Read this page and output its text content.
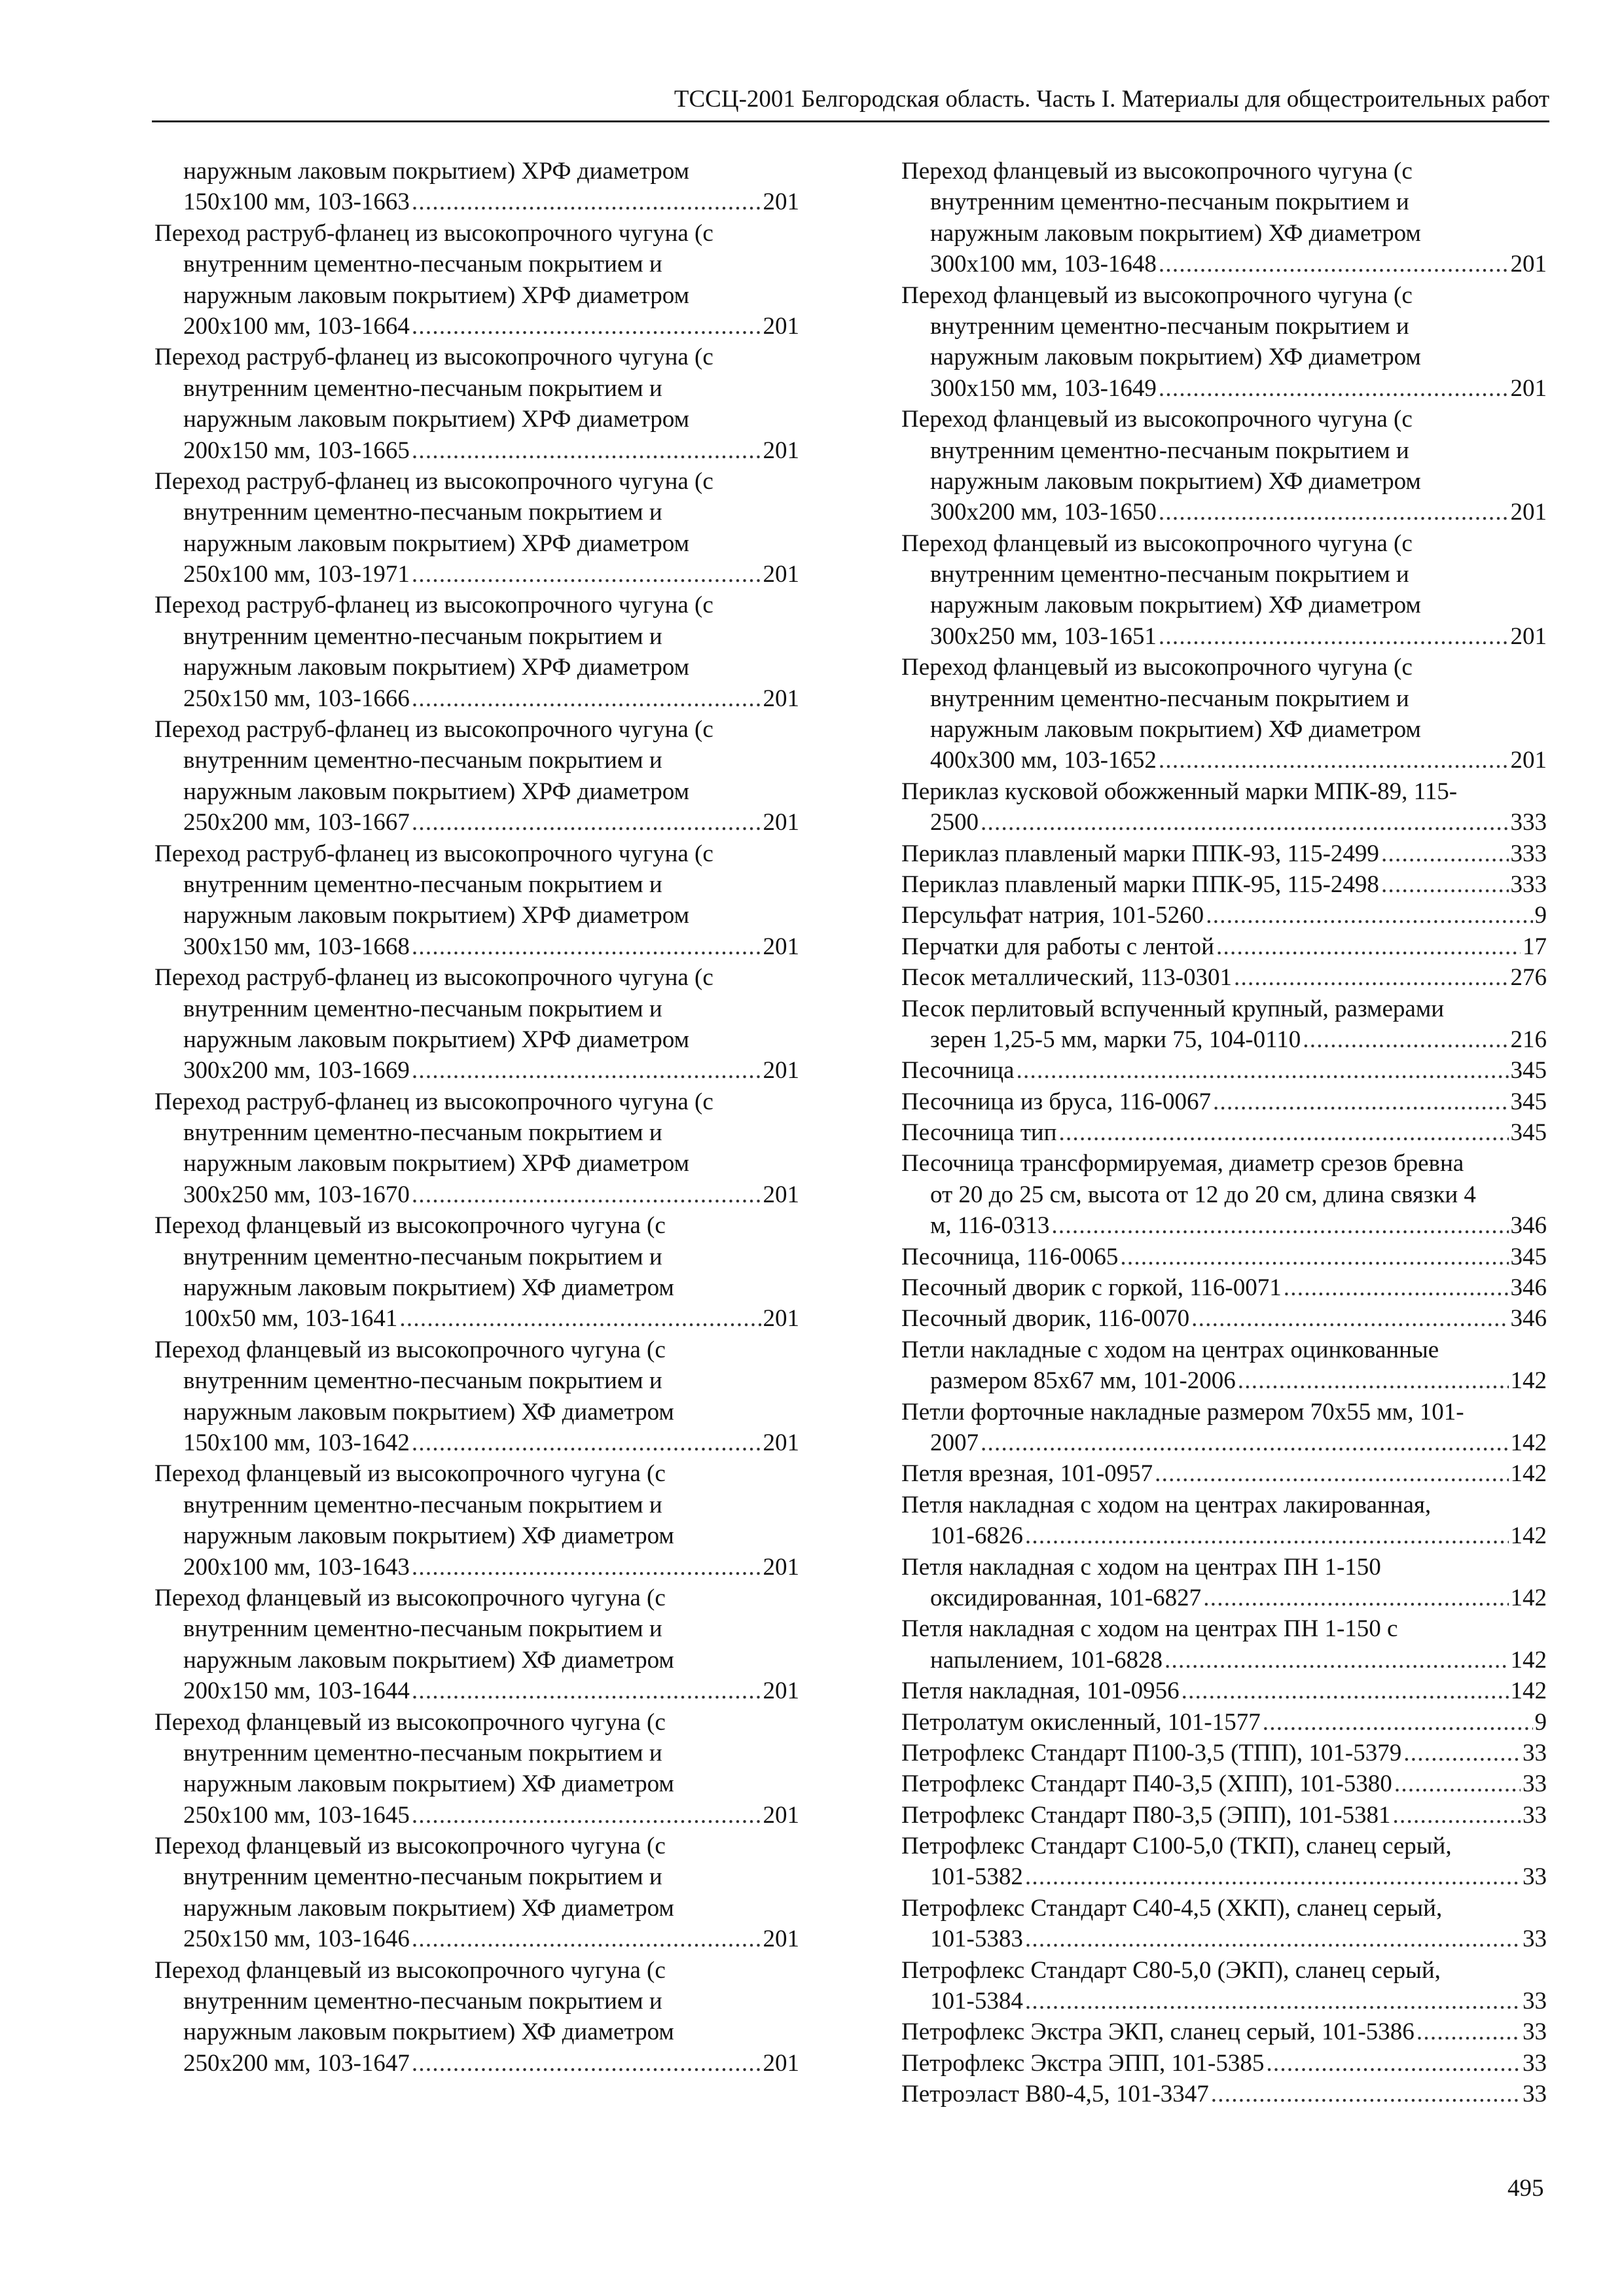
ТССЦ-2001 Белгородская область. Часть I. Материалы для общестроительных работ
наружным лаковым покрытием) ХРФ диаметром
150x100 мм, 103-1663 . . .	201
Переход раструб-фланец из высокопрочного чугуна (с
внутренним цементно-песчаным покрытием и
наружным лаковым покрытием) ХРФ диаметром
200x100 мм, 103-1664 . . .	201
Переход раструб-фланец из высокопрочного чугуна (с
внутренним цементно-песчаным покрытием и
наружным лаковым покрытием) ХРФ диаметром
200x150 мм, 103-1665 . . .	201
Переход раструб-фланец из высокопрочного чугуна (с
внутренним цементно-песчаным покрытием и
наружным лаковым покрытием) ХРФ диаметром
250x100 мм, 103-1971 . . .	201
Переход раструб-фланец из высокопрочного чугуна (с
внутренним цементно-песчаным покрытием и
наружным лаковым покрытием) ХРФ диаметром
250x150 мм, 103-1666 . . .	201
Переход раструб-фланец из высокопрочного чугуна (с
внутренним цементно-песчаным покрытием и
наружным лаковым покрытием) ХРФ диаметром
250x200 мм, 103-1667 . . .	201
Переход раструб-фланец из высокопрочного чугуна (с
внутренним цементно-песчаным покрытием и
наружным лаковым покрытием) ХРФ диаметром
300x150 мм, 103-1668 . . .	201
Переход раструб-фланец из высокопрочного чугуна (с
внутренним цементно-песчаным покрытием и
наружным лаковым покрытием) ХРФ диаметром
300x200 мм, 103-1669 . . .	201
Переход раструб-фланец из высокопрочного чугуна (с
внутренним цементно-песчаным покрытием и
наружным лаковым покрытием) ХРФ диаметром
300x250 мм, 103-1670 . . .	201
Переход фланцевый из высокопрочного чугуна (с
внутренним цементно-песчаным покрытием и
наружным лаковым покрытием) ХФ диаметром
100x50 мм, 103-1641 . . .	201
Переход фланцевый из высокопрочного чугуна (с
внутренним цементно-песчаным покрытием и
наружным лаковым покрытием) ХФ диаметром
150x100 мм, 103-1642 . . .	201
Переход фланцевый из высокопрочного чугуна (с
внутренним цементно-песчаным покрытием и
наружным лаковым покрытием) ХФ диаметром
200x100 мм, 103-1643 . . .	201
Переход фланцевый из высокопрочного чугуна (с
внутренним цементно-песчаным покрытием и
наружным лаковым покрытием) ХФ диаметром
200x150 мм, 103-1644 . . .	201
Переход фланцевый из высокопрочного чугуна (с
внутренним цементно-песчаным покрытием и
наружным лаковым покрытием) ХФ диаметром
250x100 мм, 103-1645 . . .	201
Переход фланцевый из высокопрочного чугуна (с
внутренним цементно-песчаным покрытием и
наружным лаковым покрытием) ХФ диаметром
250x150 мм, 103-1646 . . .	201
Переход фланцевый из высокопрочного чугуна (с
внутренним цементно-песчаным покрытием и
наружным лаковым покрытием) ХФ диаметром
250x200 мм, 103-1647 . . .	201
Переход фланцевый из высокопрочного чугуна (с
внутренним цементно-песчаным покрытием и
наружным лаковым покрытием) ХФ диаметром
300x100 мм, 103-1648 . . .	201
Переход фланцевый из высокопрочного чугуна (с
внутренним цементно-песчаным покрытием и
наружным лаковым покрытием) ХФ диаметром
300x150 мм, 103-1649 . . .	201
Переход фланцевый из высокопрочного чугуна (с
внутренним цементно-песчаным покрытием и
наружным лаковым покрытием) ХФ диаметром
300x200 мм, 103-1650 . . .	201
Переход фланцевый из высокопрочного чугуна (с
внутренним цементно-песчаным покрытием и
наружным лаковым покрытием) ХФ диаметром
300x250 мм, 103-1651 . . .	201
Переход фланцевый из высокопрочного чугуна (с
внутренним цементно-песчаным покрытием и
наружным лаковым покрытием) ХФ диаметром
400x300 мм, 103-1652 . . .	201
Периклаз кусковой обожженный марки МПК-89, 115-
2500 . . .	333
Периклаз плавленый марки ППК-93, 115-2499 . . .	333
Периклаз плавленый марки ППК-95, 115-2498 . . .	333
Персульфат натрия, 101-5260 . . .	9
Перчатки для работы с лентой . . .	17
Песок металлический, 113-0301 . . .	276
Песок перлитовый вспученный крупный, размерами
зерен 1,25-5 мм, марки 75, 104-0110 . . .	216
Песочница . . .	345
Песочница из бруса, 116-0067 . . .	345
Песочница тип . . .	345
Песочница трансформируемая, диаметр срезов бревна
от 20 до 25 см, высота от 12 до 20 см, длина связки 4
м, 116-0313 . . .	346
Песочница, 116-0065 . . .	345
Песочный дворик с горкой, 116-0071 . . .	346
Песочный дворик, 116-0070 . . .	346
Петли накладные с ходом на центрах оцинкованные
размером 85x67 мм, 101-2006 . . .	142
Петли форточные накладные размером 70x55 мм, 101-
2007 . . .	142
Петля врезная, 101-0957 . . .	142
Петля накладная с ходом на центрах лакированная,
101-6826 . . .	142
Петля накладная с ходом на центрах ПН 1-150
оксидированная, 101-6827 . . .	142
Петля накладная с ходом на центрах ПН 1-150 с
напылением, 101-6828 . . .	142
Петля накладная, 101-0956 . . .	142
Петролатум окисленный, 101-1577 . . .	9
Петрофлекс Стандарт П100-3,5 (ТПП), 101-5379 . . .	33
Петрофлекс Стандарт П40-3,5 (ХПП), 101-5380 . . .	33
Петрофлекс Стандарт П80-3,5 (ЭПП), 101-5381 . . .	33
Петрофлекс Стандарт С100-5,0 (ТКП), сланец серый,
101-5382 . . .	33
Петрофлекс Стандарт С40-4,5 (ХКП), сланец серый,
101-5383 . . .	33
Петрофлекс Стандарт С80-5,0 (ЭКП), сланец серый,
101-5384 . . .	33
Петрофлекс Экстра ЭКП, сланец серый, 101-5386 . . .	33
Петрофлекс Экстра ЭПП, 101-5385 . . .	33
Петроэласт В80-4,5, 101-3347 . . .	33
495
